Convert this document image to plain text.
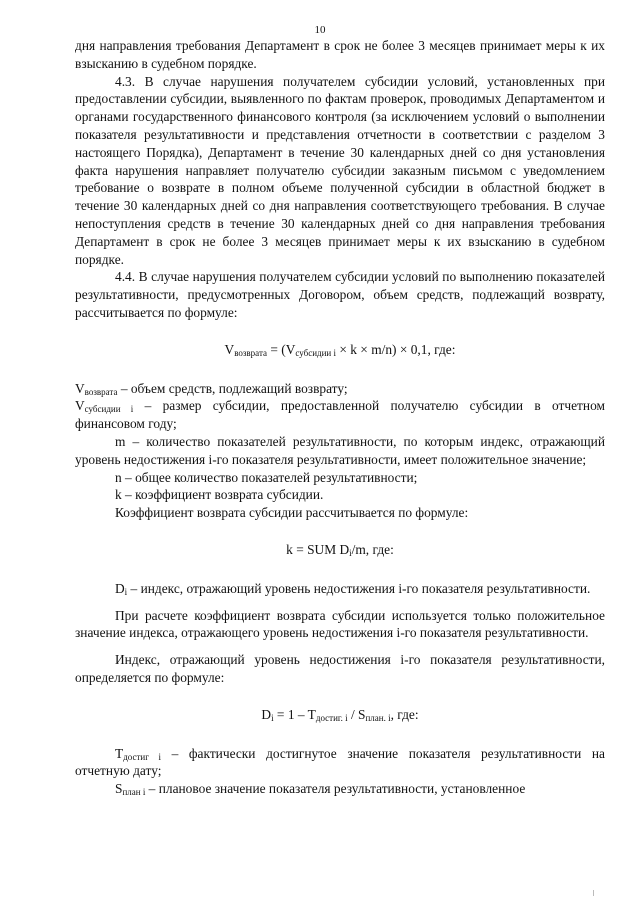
10

дня направления требования Департамент в срок не более 3 месяцев принимает меры к их взысканию в судебном порядке.

4.3. В случае нарушения получателем субсидии условий, установленных при предоставлении субсидии, выявленного по фактам проверок, проводимых Департаментом и органами государственного финансового контроля (за исключением условий о выполнении показателя результативности и представления отчетности в соответствии с разделом 3 настоящего Порядка), Департамент в течение 30 календарных дней со дня установления факта нарушения направляет получателю субсидии заказным письмом с уведомлением требование о возврате в полном объеме полученной субсидии в областной бюджет в течение 30 календарных дней со дня направления соответствующего требования. В случае непоступления средств в течение 30 календарных дней со дня направления требования Департамент в срок не более 3 месяцев принимает меры к их взысканию в судебном порядке.

4.4. В случае нарушения получателем субсидии условий по выполнению показателей результативности, предусмотренных Договором, объем средств, подлежащий возврату, рассчитывается по формуле:

$V_{возврата} = (V_{субсидии i} \times k \times m/n) \times 0,1$, где:

$V_{возврата}$ – объем средств, подлежащий возврату;

$V_{субсидии i}$ – размер субсидии, предоставленной получателю субсидии в отчетном финансовом году;

m – количество показателей результативности, по которым индекс, отражающий уровень недостижения i-го показателя результативности, имеет положительное значение;

n – общее количество показателей результативности;

k – коэффициент возврата субсидии.

Коэффициент возврата субсидии рассчитывается по формуле:

k = SUM $D_i/m$, где:

$D_i$ – индекс, отражающий уровень недостижения i-го показателя результативности.

При расчете коэффициент возврата субсидии используется только положительное значение индекса, отражающего уровень недостижения i-го показателя результативности.

Индекс, отражающий уровень недостижения i-го показателя результативности, определяется по формуле:

$D_i = 1 - T_{достиг. i} / S_{план. i}$, где:

$T_{достиг i}$ – фактически достигнутое значение показателя результативности на отчетную дату;

$S_{план i}$ – плановое значение показателя результативности, установленное
